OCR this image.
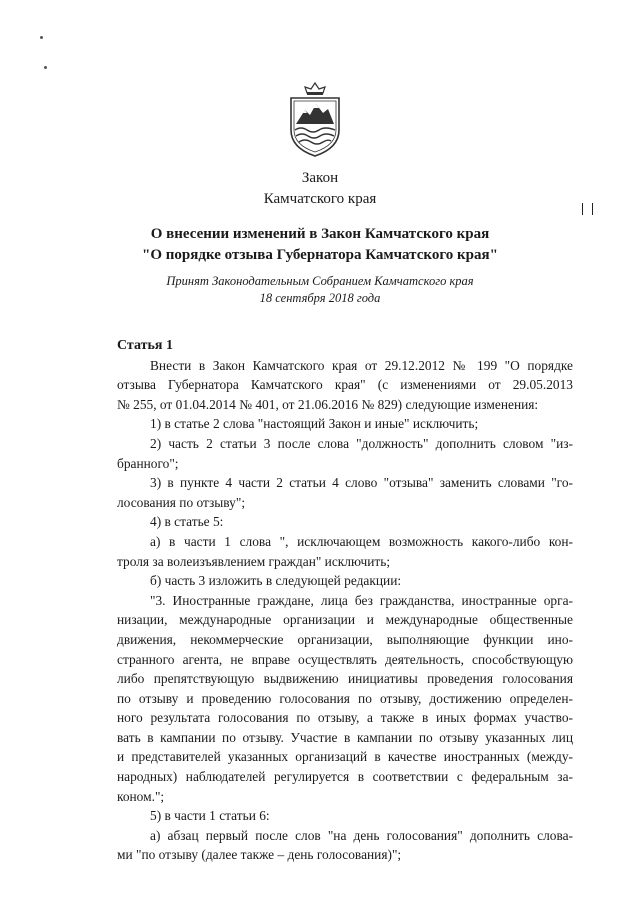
Закон
Камчатского края
О внесении изменений в Закон Камчатского края
"О порядке отзыва Губернатора Камчатского края"
Принят Законодательным Собранием Камчатского края
18 сентября 2018 года
Статья 1

Внести в Закон Камчатского края от 29.12.2012 № 199 "О порядке

отзыва Губернатора Камчатского края" (с изменениями от 29.05.2013

№ 255, от 01.04.2014 № 401, от 21.06.2016 № 829) следующие изменения:

1) в статье 2 слова "настоящий Закон и иные" исключить;

2) часть 2 статьи 3 после слова "должность" дополнить словом "из-

бранного";

3) в пункте 4 части 2 статьи 4 слово "отзыва" заменить словами "го-

лосования по отзыву";

4) в статье 5:

а) в части 1 слова ", исключающем возможность какого-либо кон-

троля за волеизъявлением граждан" исключить;

б) часть 3 изложить в следующей редакции:

"3. Иностранные граждане, лица без гражданства, иностранные орга-

низации, международные организации и международные общественные

движения, некоммерческие организации, выполняющие функции ино-

странного агента, не вправе осуществлять деятельность, способствующую

либо препятствующую выдвижению инициативы проведения голосования

по отзыву и проведению голосования по отзыву, достижению определен-

ного результата голосования по отзыву, а также в иных формах участво-

вать в кампании по отзыву. Участие в кампании по отзыву указанных лиц

и представителей указанных организаций в качестве иностранных (между-

народных) наблюдателей регулируется в соответствии с федеральным за-

коном.";

5) в части 1 статьи 6:

а) абзац первый после слов "на день голосования" дополнить слова-

ми "по отзыву (далее также – день голосования)";
